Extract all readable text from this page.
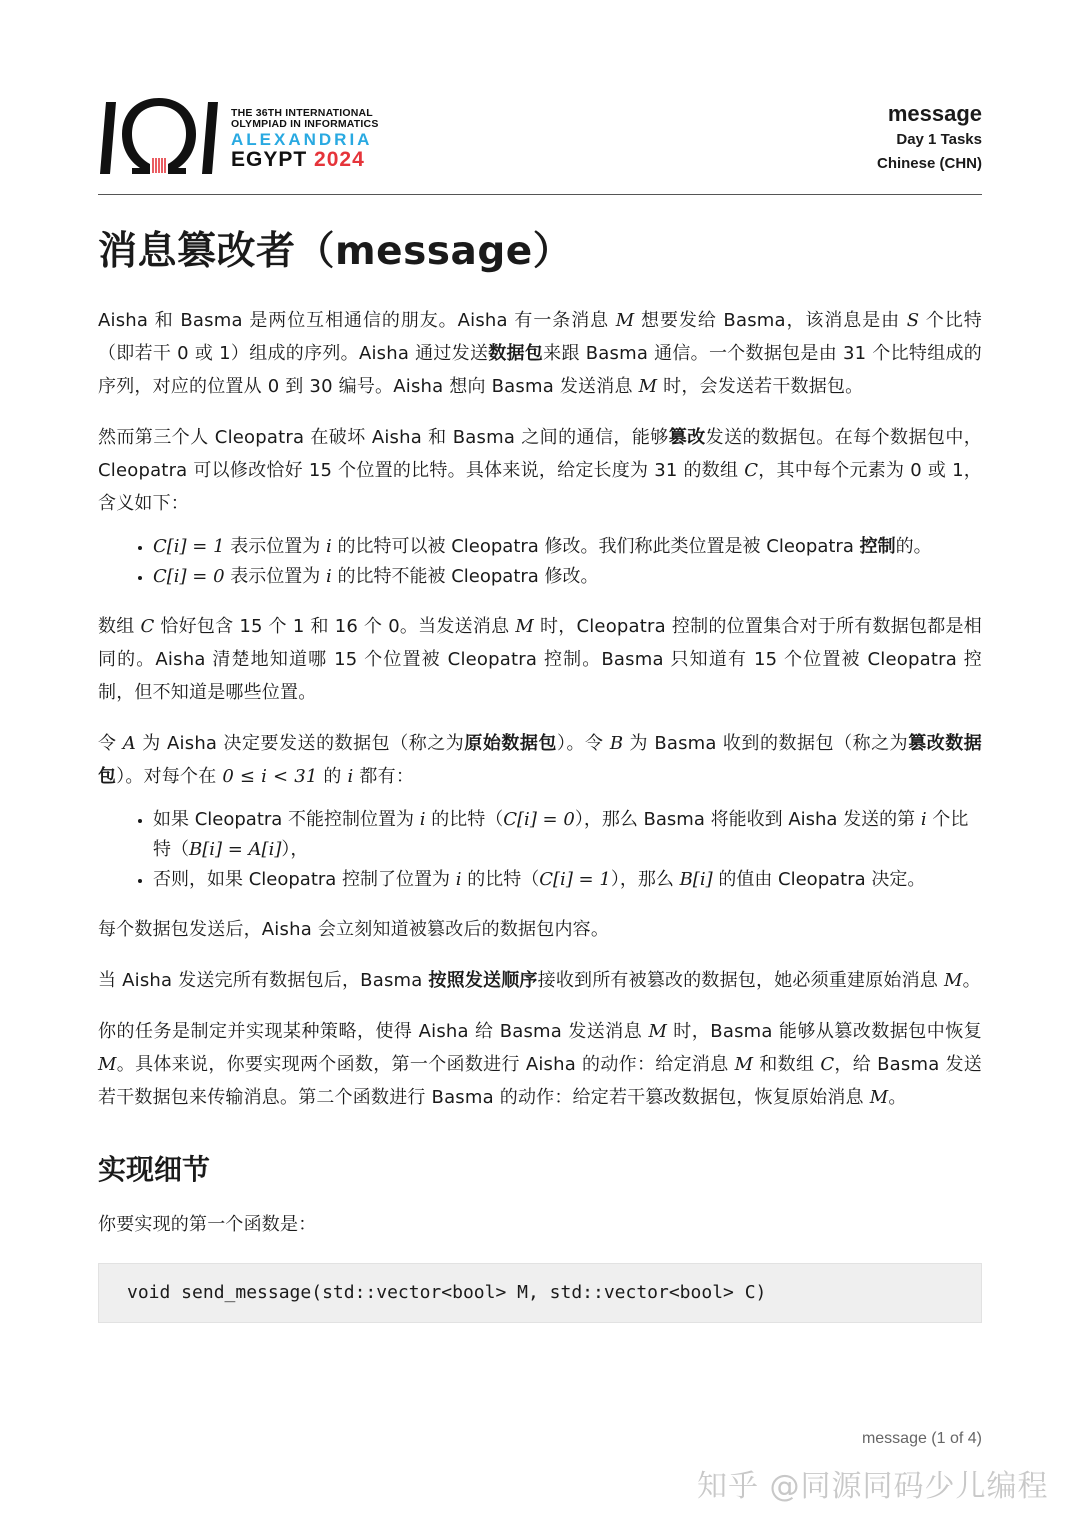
THE 36TH INTERNATIONAL
OLYMPIAD IN INFORMATICS
ALEXANDRIA
EGYPT 2024
message
Day 1 Tasks
Chinese (CHN)
消息篡改者（message）

Aisha 和 Basma 是两位互相通信的朋友。Aisha 有一条消息 M 想要发给 Basma，该消息是由 S 个比特（即若干 0 或 1）组成的序列。Aisha 通过发送数据包来跟 Basma 通信。一个数据包是由 31 个比特组成的序列，对应的位置从 0 到 30 编号。Aisha 想向 Basma 发送消息 M 时，会发送若干数据包。

然而第三个人 Cleopatra 在破坏 Aisha 和 Basma 之间的通信，能够篡改发送的数据包。在每个数据包中，Cleopatra 可以修改恰好 15 个位置的比特。具体来说，给定长度为 31 的数组 C，其中每个元素为 0 或 1，含义如下：

• C[i] = 1 表示位置为 i 的比特可以被 Cleopatra 修改。我们称此类位置是被 Cleopatra 控制的。
• C[i] = 0 表示位置为 i 的比特不能被 Cleopatra 修改。

数组 C 恰好包含 15 个 1 和 16 个 0。当发送消息 M 时，Cleopatra 控制的位置集合对于所有数据包都是相同的。Aisha 清楚地知道哪 15 个位置被 Cleopatra 控制。Basma 只知道有 15 个位置被 Cleopatra 控制，但不知道是哪些位置。

令 A 为 Aisha 决定要发送的数据包（称之为原始数据包）。令 B 为 Basma 收到的数据包（称之为篡改数据包）。对每个在 0 ≤ i < 31 的 i 都有：

• 如果 Cleopatra 不能控制位置为 i 的比特（C[i] = 0），那么 Basma 将能收到 Aisha 发送的第 i 个比特（B[i] = A[i]），
• 否则，如果 Cleopatra 控制了位置为 i 的比特（C[i] = 1），那么 B[i] 的值由 Cleopatra 决定。

每个数据包发送后，Aisha 会立刻知道被篡改后的数据包内容。

当 Aisha 发送完所有数据包后，Basma 按照发送顺序接收到所有被篡改的数据包，她必须重建原始消息 M。

你的任务是制定并实现某种策略，使得 Aisha 给 Basma 发送消息 M 时，Basma 能够从篡改数据包中恢复 M。具体来说，你要实现两个函数，第一个函数进行 Aisha 的动作：给定消息 M 和数组 C，给 Basma 发送若干数据包来传输消息。第二个函数进行 Basma 的动作：给定若干篡改数据包，恢复原始消息 M。

实现细节

你要实现的第一个函数是：

void send_message(std::vector<bool> M, std::vector<bool> C)
message (1 of 4)
知乎 @同源同码少儿编程
